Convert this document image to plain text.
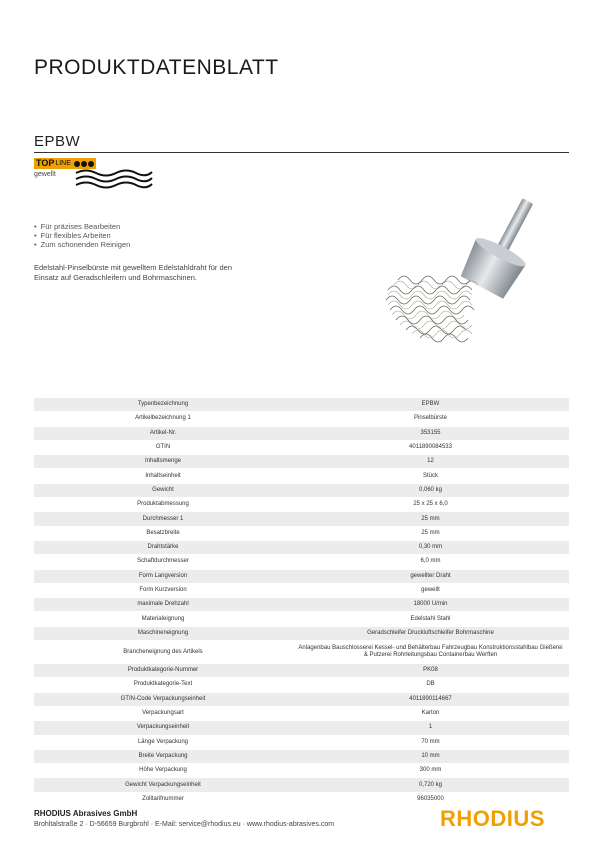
PRODUKTDATENBLATT
EPBW
TOP LINE
gewellt
• Für präzises Bearbeiten
• Für flexibles Arbeiten
• Zum schonenden Reinigen

Edelstahl-Pinselbürste mit gewelltem Edelstahldraht für den Einsatz auf Geradschleifern und Bohrmaschinen.

Typenbezeichnung	EPBW
Artikelbezeichnung 1	Pinselbürste
Artikel-Nr.	353155
GTIN	4011890084533
Inhaltsmenge	12
Inhaltseinheit	Stück
Gewicht	0,060 kg
Produktabmessung	25 x 25 x 6,0
Durchmesser 1	25 mm
Besatzbreite	25 mm
Drahtstärke	0,30 mm
Schaftdurchmesser	6,0 mm
Form Langversion	gewellter Draht
Form Kurzversion	gewellt
maximale Drehzahl	18000 U/min
Materialeignung	Edelstahl Stahl
Maschineneignung	Geradschleifer Druckluftschleifer Bohrmaschine
Brancheneignung des Artikels	Anlagenbau Bauschlosserei Kessel- und Behälterbau Fahrzeugbau Konstruktionsstahlbau Gießerei & Putzerei Rohrleitungsbau Containerbau Werften
Produktkategorie-Nummer	PK08
Produktkategorie-Text	DB
GTIN-Code Verpackungseinheit	4011890114667
Verpackungsart	Karton
Verpackungseinheit	1
Länge Verpackung	70 mm
Breite Verpackung	10 mm
Höhe Verpackung	300 mm
Gewicht Verpackungseinheit	0,720 kg
Zolltarifnummer	96035000
RHODIUS Abrasives GmbH
Brohltalstraße 2 · D-56659 Burgbrohl · E-Mail: service@rhodius.eu · www.rhodius-abrasives.com	RHODIUS
